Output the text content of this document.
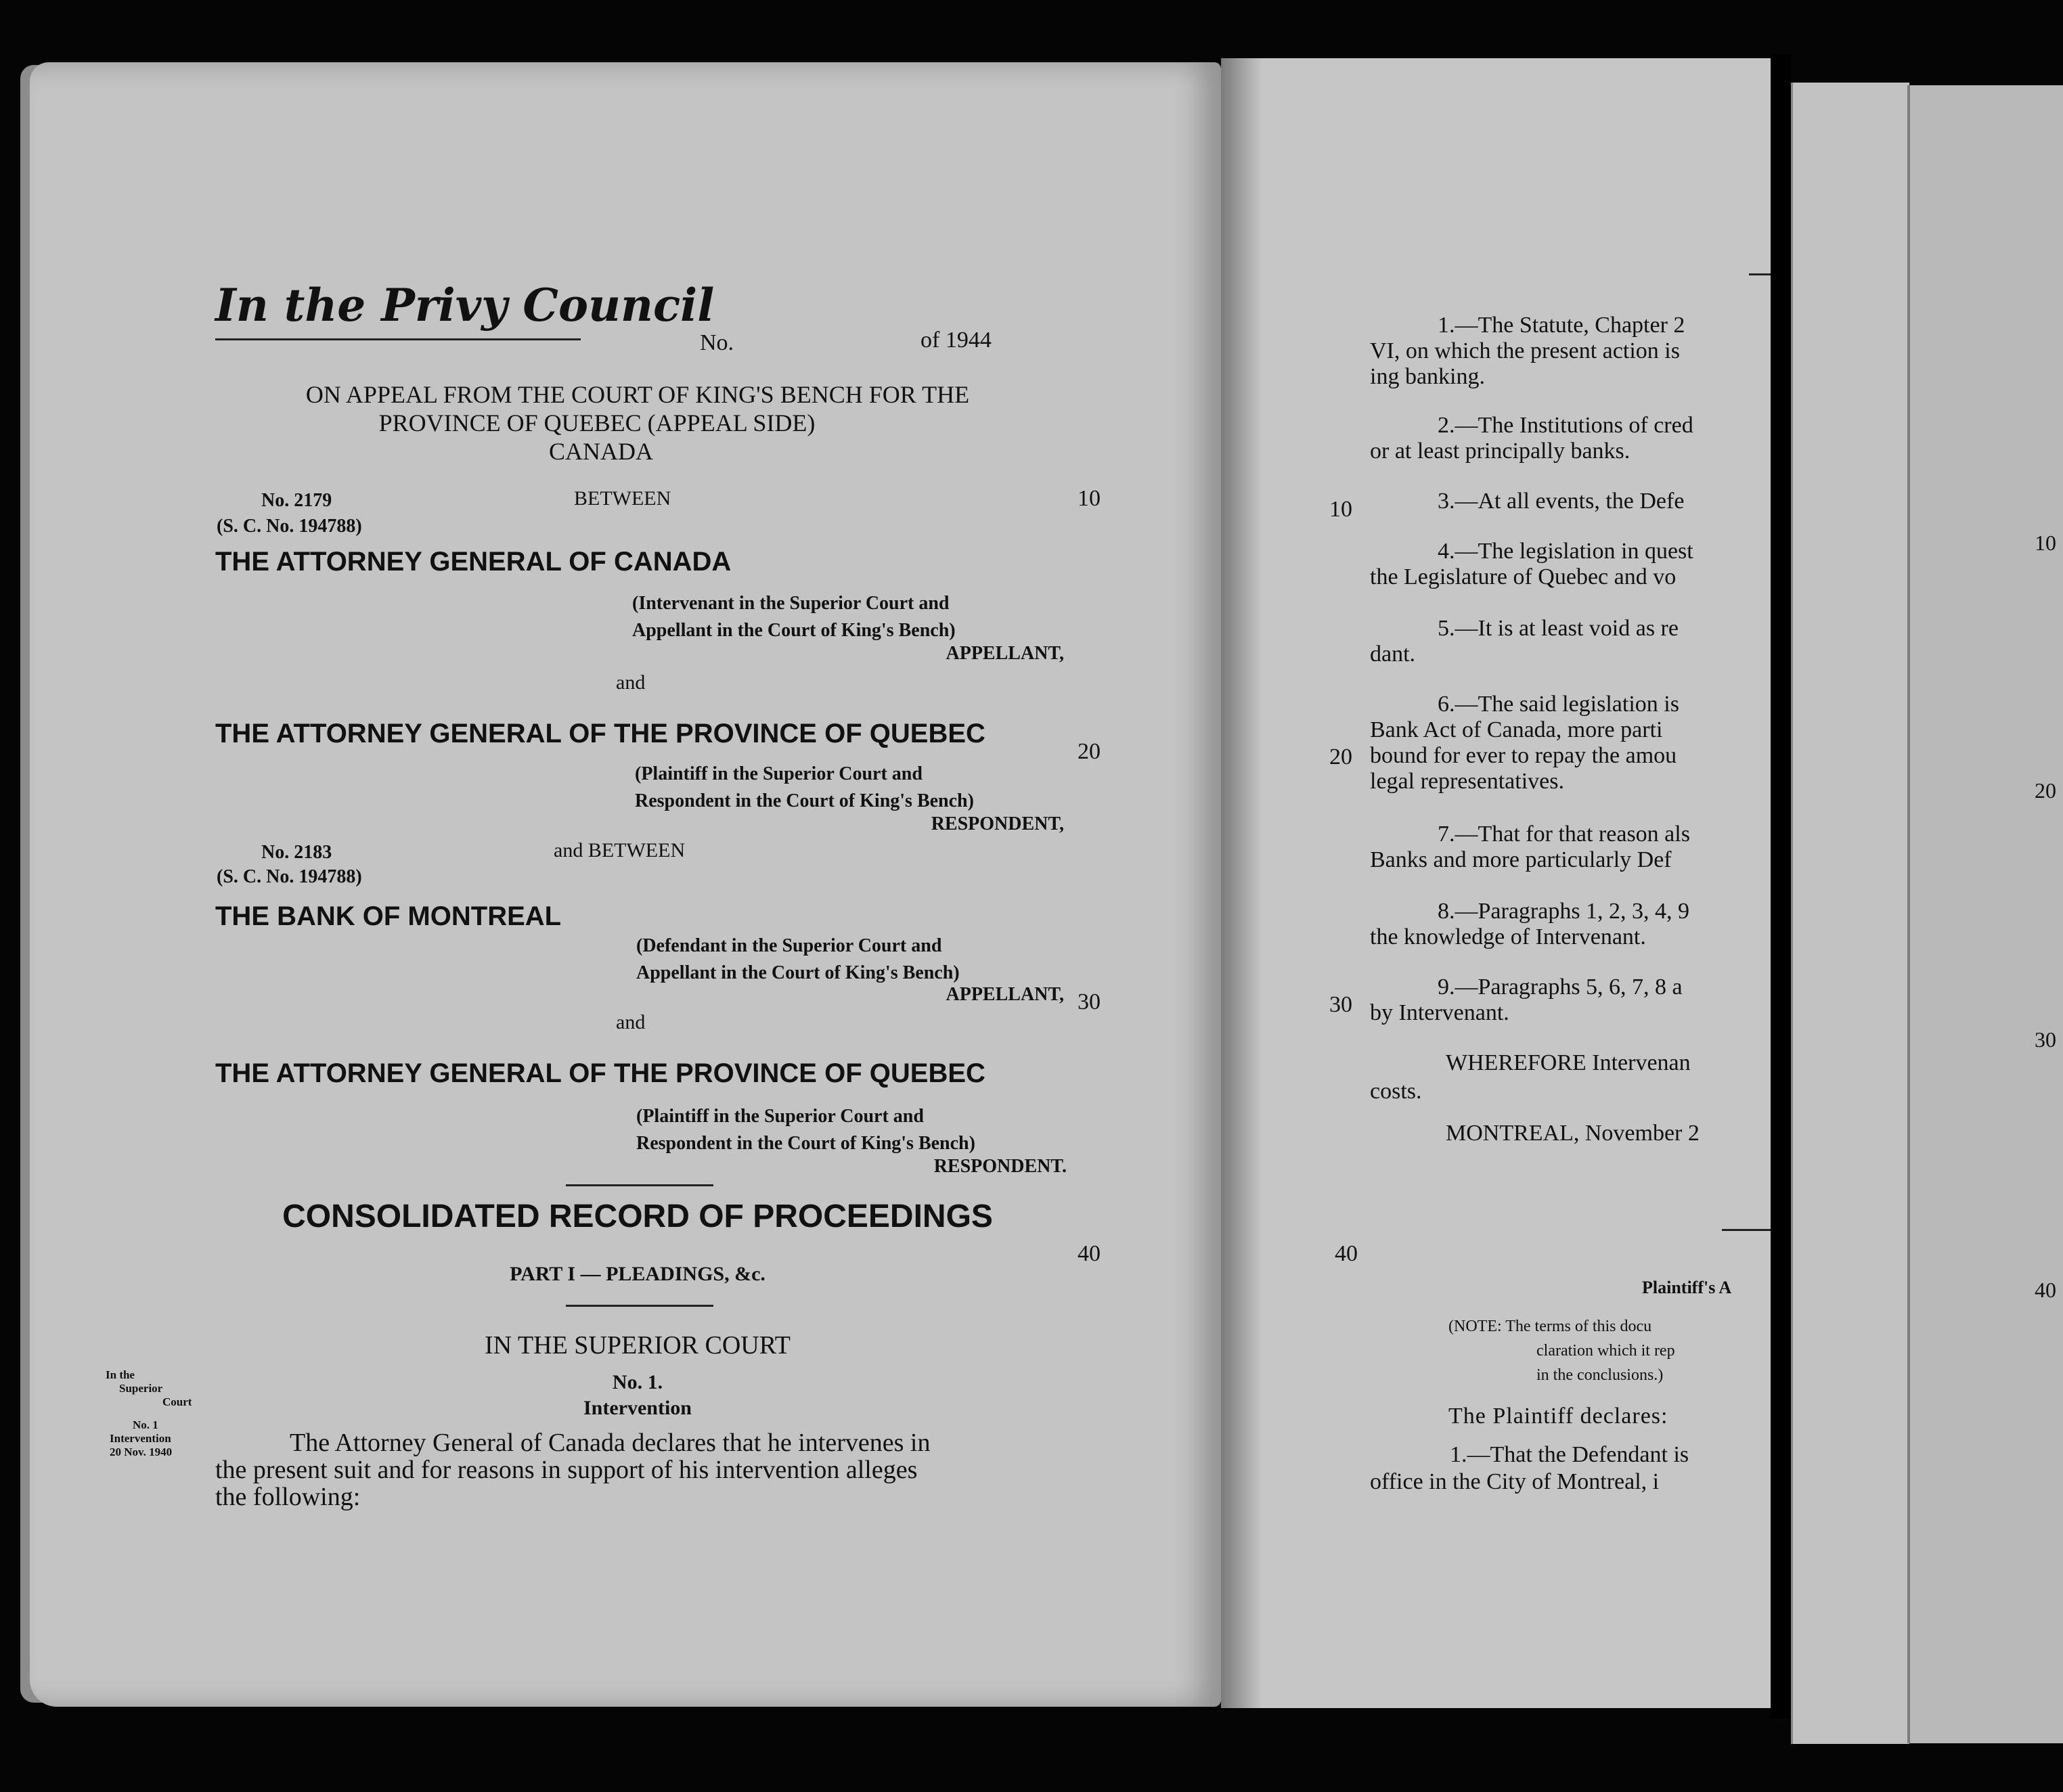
In the Privy Council
No.	of 1944
ON APPEAL FROM THE COURT OF KING'S BENCH FOR THE
PROVINCE OF QUEBEC (APPEAL SIDE)
CANADA
No. 2179
(S. C. No. 194788)
BETWEEN
THE ATTORNEY GENERAL OF CANADA
(Intervenant in the Superior Court and
Appellant in the Court of King's Bench)
APPELLANT,
and
THE ATTORNEY GENERAL OF THE PROVINCE OF QUEBEC
(Plaintiff in the Superior Court and
Respondent in the Court of King's Bench)
RESPONDENT,
No. 2183
(S. C. No. 194788)
and BETWEEN
THE BANK OF MONTREAL
(Defendant in the Superior Court and
Appellant in the Court of King's Bench)
APPELLANT,
and
THE ATTORNEY GENERAL OF THE PROVINCE OF QUEBEC
(Plaintiff in the Superior Court and
Respondent in the Court of King's Bench)
RESPONDENT.
CONSOLIDATED RECORD OF PROCEEDINGS
PART I — PLEADINGS, &c.
IN THE SUPERIOR COURT
No. 1.
Intervention
In the
Superior
Court
No. 1
Intervention
20 Nov. 1940	The Attorney General of Canada declares that he intervenes in
the present suit and for reasons in support of his intervention alleges
the following:
10
20
30
40
1.—The Statute, Chapter 2
VI, on which the present action is
ing banking.
2.—The Institutions of cred
or at least principally banks.
3.—At all events, the Defe
4.—The legislation in quest
the Legislature of Quebec and vo
5.—It is at least void as re
dant.
6.—The said legislation is
Bank Act of Canada, more parti
bound for ever to repay the amou
legal representatives.
7.—That for that reason als
Banks and more particularly Def
8.—Paragraphs 1, 2, 3, 4, 9
the knowledge of Intervenant.
9.—Paragraphs 5, 6, 7, 8 a
by Intervenant.
WHEREFORE Intervenan
costs.
MONTREAL, November 2
Plaintiff's A
(NOTE: The terms of this docu
claration which it rep
in the conclusions.)
The Plaintiff declares:
1.—That the Defendant is
office in the City of Montreal, i
10
20
30
40
10
20
30
40
